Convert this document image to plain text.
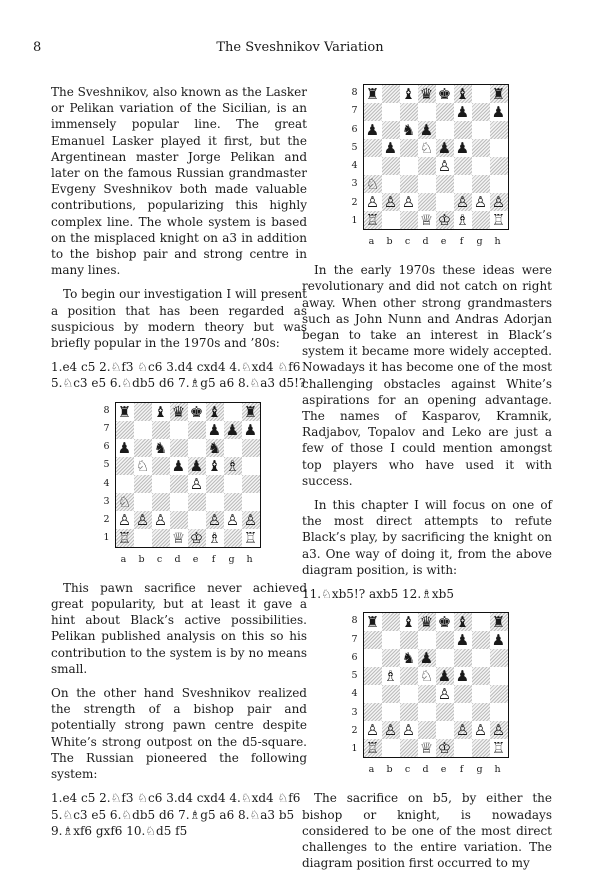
8	The Sveshnikov Variation

The Sveshnikov, also known as the Lasker or Pelikan variation of the Sicilian, is an immensely popular line. The great Emanuel Lasker played it first, but the Argentinean master Jorge Pelikan and later on the famous Russian grandmaster Evgeny Sveshnikov both made valuable contributions, popularizing this highly complex line. The whole system is based on the misplaced knight on a3 in addition to the bishop pair and strong centre in many lines.

To begin our investigation I will present a position that has been regarded as suspicious by modern theory but was briefly popular in the 1970s and ’80s:

1.e4 c5 2.♘f3 ♘c6 3.d4 cxd4 4.♘xd4 ♘f6 5.♘c3 e5 6.♘db5 d6 7.♗g5 a6 8.♘a3 d5!?

8
7
6
5
4
3
2
1
♜ ♝ ♛ ♚ ♝ ♜
♟ ♟ ♟
♟ ♞	♞
♘ ♟ ♟ ♝ ♗
♙
♘
♙ ♙ ♙	♙ ♙ ♙
♖	♕ ♔ ♗ ♖
a	b	c	d	e	f	g	h

This pawn sacrifice never achieved great popularity, but at least it gave a hint about Black’s active possibilities. Pelikan published analysis on this so his contribution to the system is by no means small.

On the other hand Sveshnikov realized the strength of a bishop pair and potentially strong pawn centre despite White’s strong outpost on the d5-square. The Russian pioneered the following system:

1.e4 c5 2.♘f3 ♘c6 3.d4 cxd4 4.♘xd4 ♘f6 5.♘c3 e5 6.♘db5 d6 7.♗g5 a6 8.♘a3 b5 9.♗xf6 gxf6 10.♘d5 f5

8
7
6
5
4
3
2
1
♜ ♝ ♛ ♚ ♝ ♜
♟ ♟
♟ ♞ ♟
♟ ♘ ♟ ♟
♙
♘
♙ ♙ ♙	♙ ♙ ♙
♖	♕ ♔ ♗ ♖
a	b	c	d	e	f	g	h

In the early 1970s these ideas were revolutionary and did not catch on right away. When other strong grandmasters such as John Nunn and Andras Adorjan began to take an interest in Black’s system it became more widely accepted. Nowadays it has become one of the most challenging obstacles against White’s aspirations for an opening advantage. The names of Kasparov, Kramnik, Radjabov, Topalov and Leko are just a few of those I could mention amongst top players who have used it with success.

In this chapter I will focus on one of the most direct attempts to refute Black’s play, by sacrificing the knight on a3. One way of doing it, from the above diagram position, is with:

11.♘xb5!? axb5 12.♗xb5

8
7
6
5
4
3
2
1
♜ ♝ ♛ ♚ ♝ ♜
♟ ♟
♞ ♟
♗ ♘ ♟ ♟
♙
♙ ♙ ♙	♙ ♙ ♙
♖	♕ ♔	♖
a	b	c	d	e	f	g	h

The sacrifice on b5, by either the bishop or knight, is nowadays considered to be one of the most direct challenges to the entire variation. The diagram position first occurred to my
